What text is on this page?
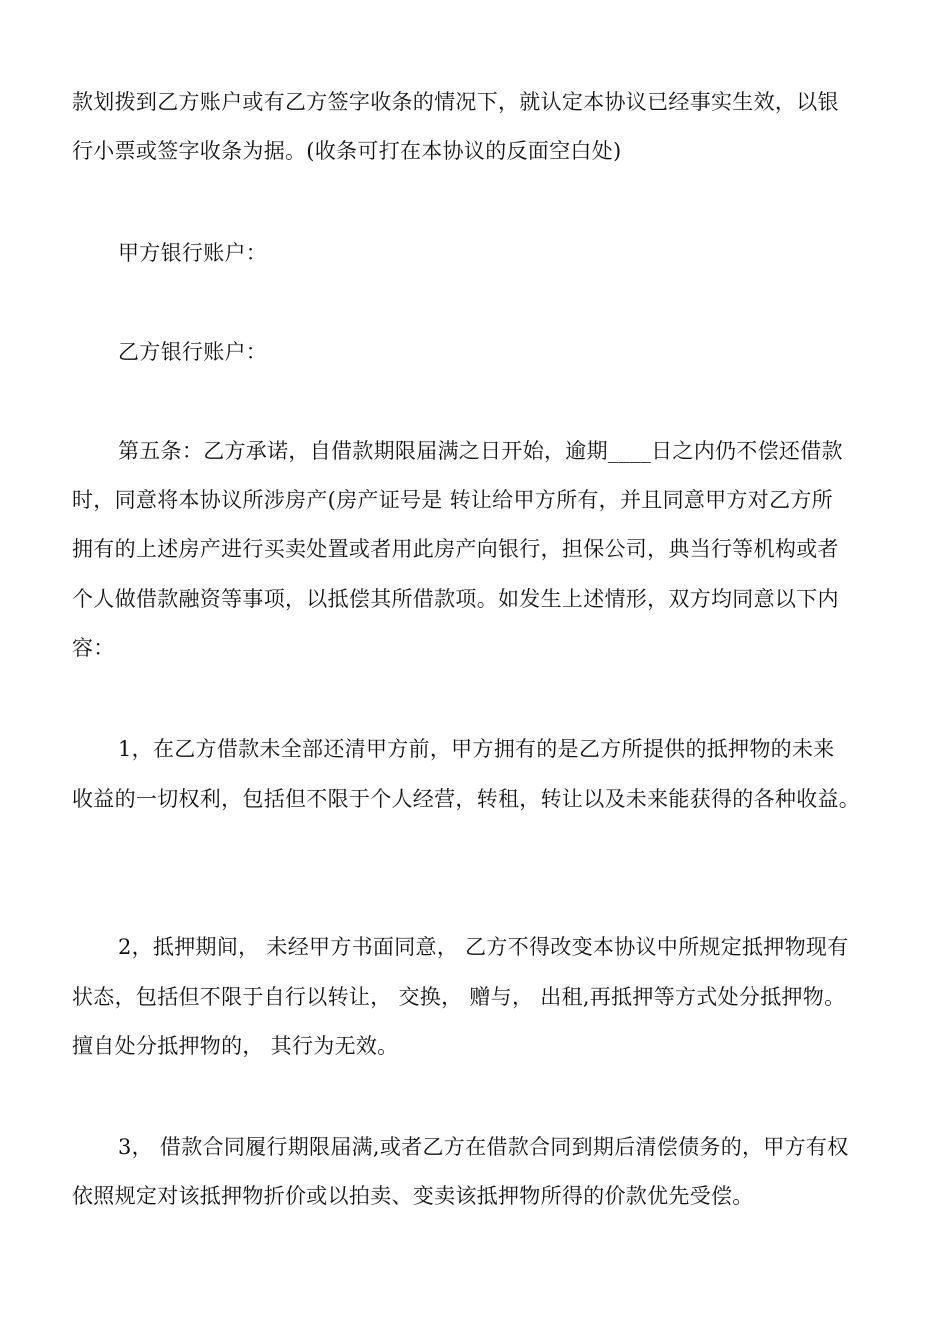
款划拨到乙方账户或有乙方签字收条的情况下，就认定本协议已经事实生效，以银
行小票或签字收条为据。(收条可打在本协议的反面空白处)
甲方银行账户：
乙方银行账户：
第五条：乙方承诺，自借款期限届满之日开始，逾期____日之内仍不偿还借款
时，同意将本协议所涉房产(房产证号是 转让给甲方所有，并且同意甲方对乙方所
拥有的上述房产进行买卖处置或者用此房产向银行，担保公司，典当行等机构或者
个人做借款融资等事项，以抵偿其所借款项。如发生上述情形，双方均同意以下内
容：
1，在乙方借款未全部还清甲方前，甲方拥有的是乙方所提供的抵押物的未来
收益的一切权利，包括但不限于个人经营，转租，转让以及未来能获得的各种收益。
2，抵押期间， 未经甲方书面同意， 乙方不得改变本协议中所规定抵押物现有
状态，包括但不限于自行以转让， 交换， 赠与， 出租,再抵押等方式处分抵押物。
擅自处分抵押物的， 其行为无效。
3， 借款合同履行期限届满,或者乙方在借款合同到期后清偿债务的，甲方有权
依照规定对该抵押物折价或以拍卖、变卖该抵押物所得的价款优先受偿。
